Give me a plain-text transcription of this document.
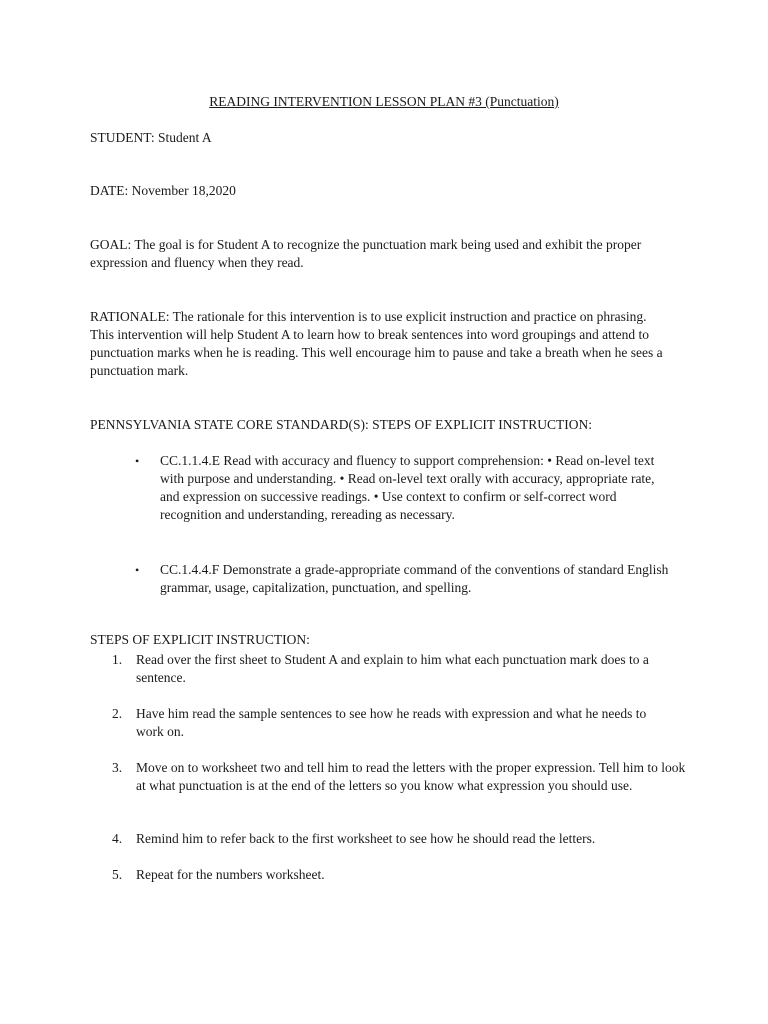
READING INTERVENTION LESSON PLAN #3 (Punctuation)

STUDENT: Student A

DATE: November 18,2020

GOAL: The goal is for Student A to recognize the punctuation mark being used and exhibit the proper expression and fluency when they read.

RATIONALE: The rationale for this intervention is to use explicit instruction and practice on phrasing. This intervention will help Student A to learn how to break sentences into word groupings and attend to punctuation marks when he is reading. This well encourage him to pause and take a breath when he sees a punctuation mark.

PENNSYLVANIA STATE CORE STANDARD(S): STEPS OF EXPLICIT INSTRUCTION:

• CC.1.1.4.E Read with accuracy and fluency to support comprehension: • Read on-level text with purpose and understanding. • Read on-level text orally with accuracy, appropriate rate, and expression on successive readings. • Use context to confirm or self-correct word recognition and understanding, rereading as necessary.

• CC.1.4.4.F Demonstrate a grade-appropriate command of the conventions of standard English grammar, usage, capitalization, punctuation, and spelling.

STEPS OF EXPLICIT INSTRUCTION:

1.	Read over the first sheet to Student A and explain to him what each punctuation mark does to a sentence.

2.	Have him read the sample sentences to see how he reads with expression and what he needs to work on.

3.	Move on to worksheet two and tell him to read the letters with the proper expression. Tell him to look at what punctuation is at the end of the letters so you know what expression you should use.

4.	Remind him to refer back to the first worksheet to see how he should read the letters.

5.	Repeat for the numbers worksheet.
